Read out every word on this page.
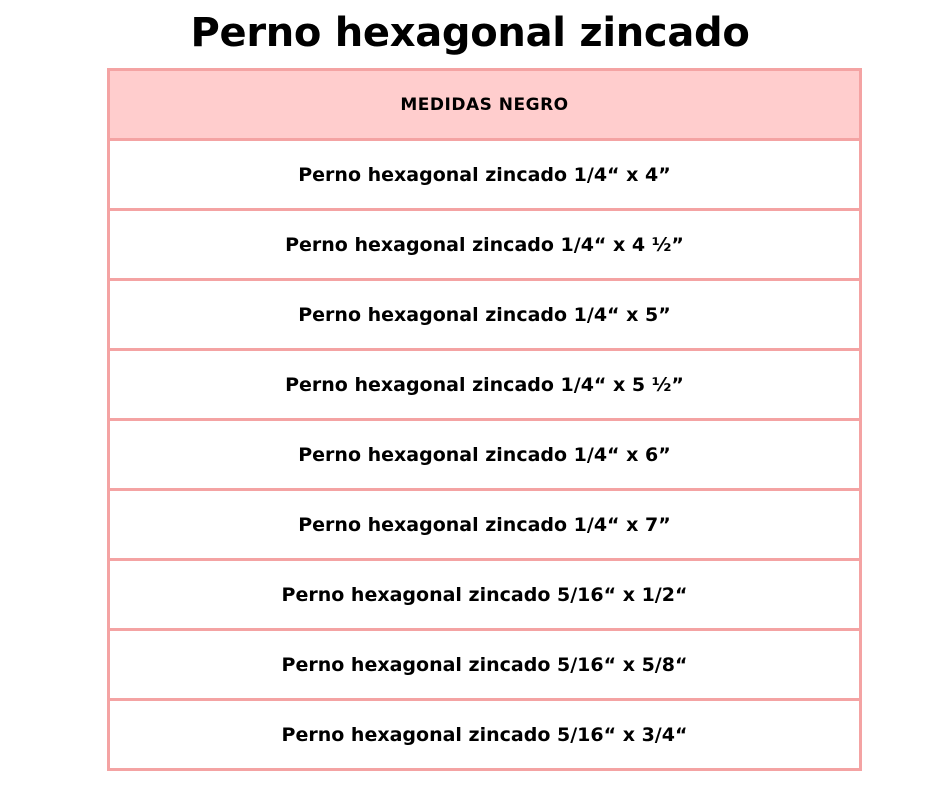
Perno hexagonal zincado
MEDIDAS NEGRO
Perno hexagonal zincado 1/4“ x 4”
Perno hexagonal zincado 1/4“ x 4 ½”
Perno hexagonal zincado 1/4“ x 5”
Perno hexagonal zincado 1/4“ x 5 ½”
Perno hexagonal zincado 1/4“ x 6”
Perno hexagonal zincado 1/4“ x 7”
Perno hexagonal zincado 5/16“ x 1/2“
Perno hexagonal zincado 5/16“ x 5/8“
Perno hexagonal zincado 5/16“ x 3/4“
